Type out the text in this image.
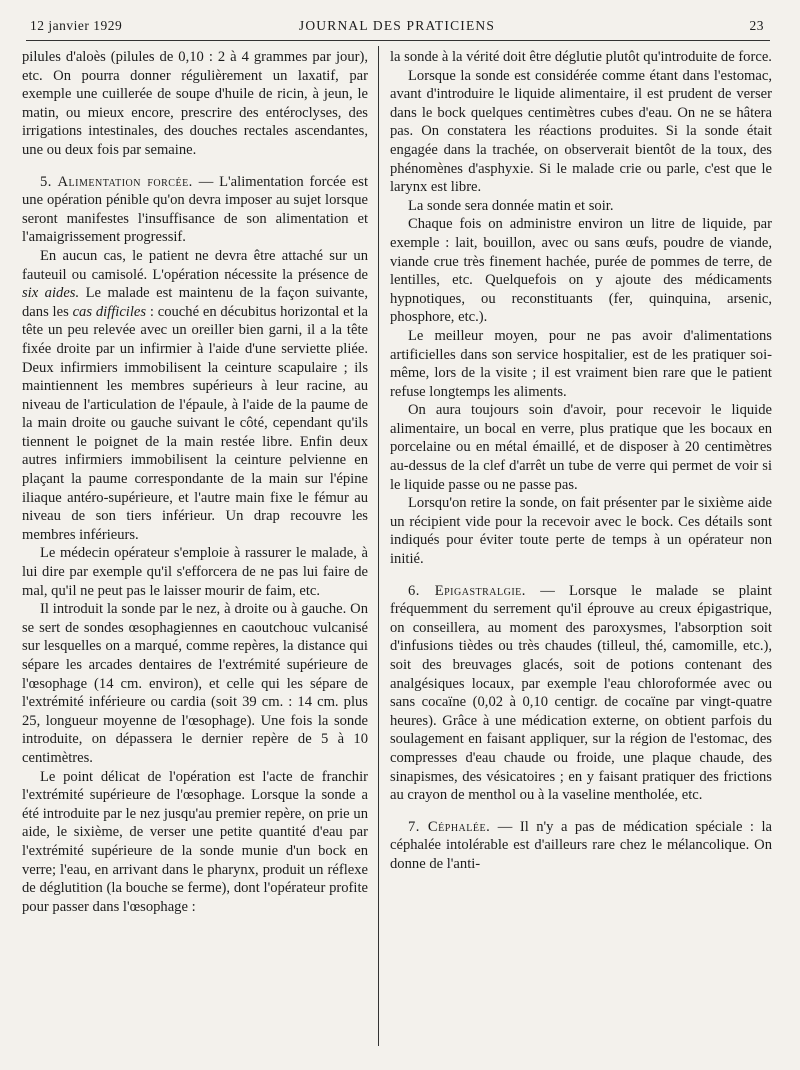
12 janvier 1929	JOURNAL DES PRATICIENS	23

pilules d'aloès (pilules de 0,10 : 2 à 4 grammes par jour), etc. On pourra donner régulièrement un laxatif, par exemple une cuillerée de soupe d'huile de ricin, à jeun, le matin, ou mieux encore, prescrire des entéroclyses, des irrigations intestinales, des douches rectales ascendantes, une ou deux fois par semaine.

5. Alimentation forcée. — L'alimentation forcée est une opération pénible qu'on devra imposer au sujet lorsque seront manifestes l'insuffisance de son alimentation et l'amaigrissement progressif.

En aucun cas, le patient ne devra être attaché sur un fauteuil ou camisolé. L'opération nécessite la présence de six aides. Le malade est maintenu de la façon suivante, dans les cas difficiles : couché en décubitus horizontal et la tête un peu relevée avec un oreiller bien garni, il a la tête fixée droite par un infirmier à l'aide d'une serviette pliée. Deux infirmiers immobilisent la ceinture scapulaire ; ils maintiennent les membres supérieurs à leur racine, au niveau de l'articulation de l'épaule, à l'aide de la paume de la main droite ou gauche suivant le côté, cependant qu'ils tiennent le poignet de la main restée libre. Enfin deux autres infirmiers immobilisent la ceinture pelvienne en plaçant la paume correspondante de la main sur l'épine iliaque antéro-supérieure, et l'autre main fixe le fémur au niveau de son tiers inférieur. Un drap recouvre les membres inférieurs.

Le médecin opérateur s'emploie à rassurer le malade, à lui dire par exemple qu'il s'efforcera de ne pas lui faire de mal, qu'il ne peut pas le laisser mourir de faim, etc.

Il introduit la sonde par le nez, à droite ou à gauche. On se sert de sondes œsophagiennes en caoutchouc vulcanisé sur lesquelles on a marqué, comme repères, la distance qui sépare les arcades dentaires de l'extrémité supérieure de l'œsophage (14 cm. environ), et celle qui les sépare de l'extrémité inférieure ou cardia (soit 39 cm. : 14 cm. plus 25, longueur moyenne de l'œsophage). Une fois la sonde introduite, on dépassera le dernier repère de 5 à 10 centimètres.

Le point délicat de l'opération est l'acte de franchir l'extrémité supérieure de l'œsophage. Lorsque la sonde a été introduite par le nez jusqu'au premier repère, on prie un aide, le sixième, de verser une petite quantité d'eau par l'extrémité supérieure de la sonde munie d'un bock en verre; l'eau, en arrivant dans le pharynx, produit un réflexe de déglutition (la bouche se ferme), dont l'opérateur profite pour passer dans l'œsophage :

la sonde à la vérité doit être déglutie plutôt qu'introduite de force.

Lorsque la sonde est considérée comme étant dans l'estomac, avant d'introduire le liquide alimentaire, il est prudent de verser dans le bock quelques centimètres cubes d'eau. On ne se hâtera pas. On constatera les réactions produites. Si la sonde était engagée dans la trachée, on observerait bientôt de la toux, des phénomènes d'asphyxie. Si le malade crie ou parle, c'est que le larynx est libre.

La sonde sera donnée matin et soir.

Chaque fois on administre environ un litre de liquide, par exemple : lait, bouillon, avec ou sans œufs, poudre de viande, viande crue très finement hachée, purée de pommes de terre, de lentilles, etc. Quelquefois on y ajoute des médicaments hypnotiques, ou reconstituants (fer, quinquina, arsenic, phosphore, etc.).

Le meilleur moyen, pour ne pas avoir d'alimentations artificielles dans son service hospitalier, est de les pratiquer soi-même, lors de la visite ; il est vraiment bien rare que le patient refuse longtemps les aliments.

On aura toujours soin d'avoir, pour recevoir le liquide alimentaire, un bocal en verre, plus pratique que les bocaux en porcelaine ou en métal émaillé, et de disposer à 20 centimètres au-dessus de la clef d'arrêt un tube de verre qui permet de voir si le liquide passe ou ne passe pas.

Lorsqu'on retire la sonde, on fait présenter par le sixième aide un récipient vide pour la recevoir avec le bock. Ces détails sont indiqués pour éviter toute perte de temps à un opérateur non initié.

6. Epigastralgie. — Lorsque le malade se plaint fréquemment du serrement qu'il éprouve au creux épigastrique, on conseillera, au moment des paroxysmes, l'absorption soit d'infusions tièdes ou très chaudes (tilleul, thé, camomille, etc.), soit des breuvages glacés, soit de potions contenant des analgésiques locaux, par exemple l'eau chloroformée avec ou sans cocaïne (0,02 à 0,10 centigr. de cocaïne par vingt-quatre heures). Grâce à une médication externe, on obtient parfois du soulagement en faisant appliquer, sur la région de l'estomac, des compresses d'eau chaude ou froide, une plaque chaude, des sinapismes, des vésicatoires ; en y faisant pratiquer des frictions au crayon de menthol ou à la vaseline mentholée, etc.

7. Céphalée. — Il n'y a pas de médication spéciale : la céphalée intolérable est d'ailleurs rare chez le mélancolique. On donne de l'anti-
